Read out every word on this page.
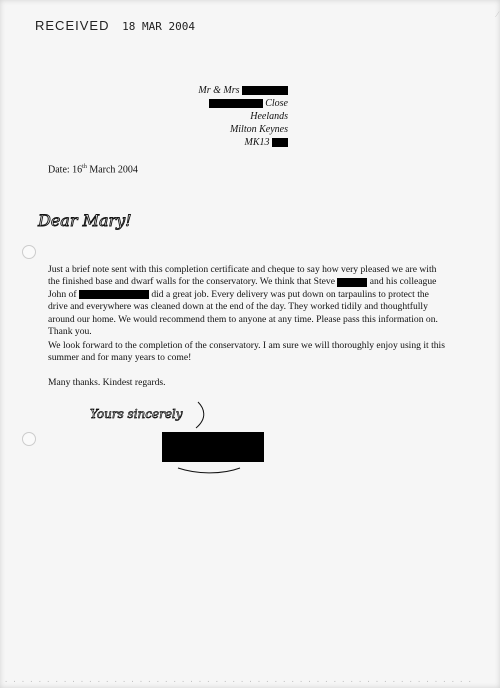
RECEIVED 18 MAR 2004
⁄
Mr & Mrs
Close
Heelands
Milton Keynes
MK13
Date: 16th March 2004
Dear Mary!

Just a brief note sent with this completion certificate and cheque to say how very pleased we are with the finished base and dwarf walls for the conservatory. We think that Steve	and his colleague John of	did a great job. Every delivery was put down on tarpaulins to protect the drive and everywhere was cleaned down at the end of the day. They worked tidily and thoughtfully around our home. We would recommend them to anyone at any time. Please pass this information on. Thank you.

We look forward to the completion of the conservatory. I am sure we will thoroughly enjoy using it this summer and for many years to come!

Many thanks. Kindest regards.

Yours sincerely
· · · · · · · · · · · · · · · · · · · · · · · · · · · · · · · · · · · · · · · · · · · · · · · · · · · · · · · ·
